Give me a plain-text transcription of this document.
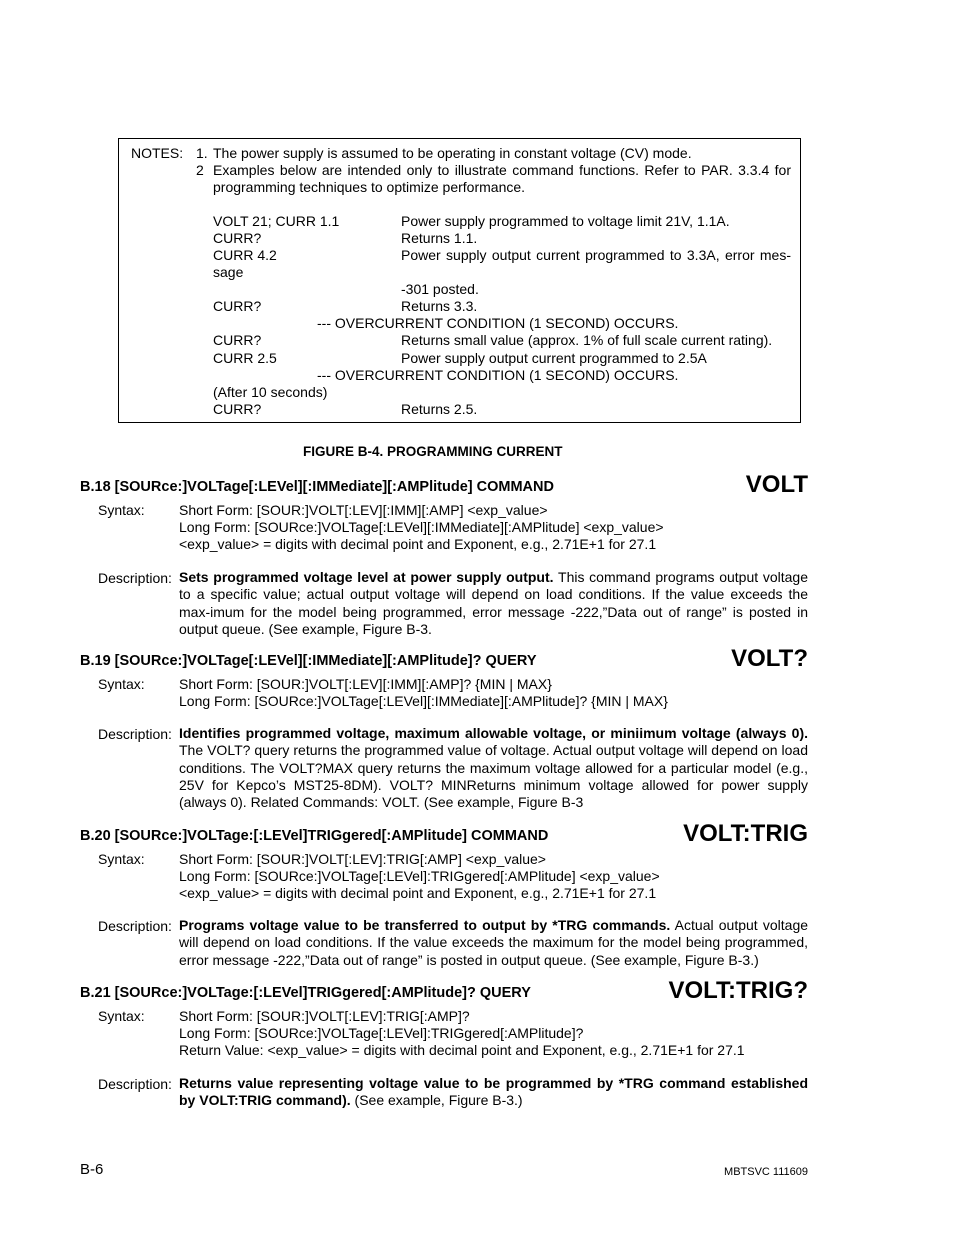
NOTES: 1. The power supply is assumed to be operating in constant voltage (CV) mode.
2 Examples below are intended only to illustrate command functions. Refer to PAR. 3.3.4 for
programming techniques to optimize performance.
VOLT 21; CURR 1.1	Power supply programmed to voltage limit 21V, 1.1A.
CURR?	Returns 1.1.
CURR 4.2	Power supply output current programmed to 3.3A, error mes-
sage
-301 posted.
CURR?	Returns 3.3.
--- OVERCURRENT CONDITION (1 SECOND) OCCURS.
CURR?	Returns small value (approx. 1% of full scale current rating).
CURR 2.5	Power supply output current programmed to 2.5A
--- OVERCURRENT CONDITION (1 SECOND) OCCURS.
(After 10 seconds)
CURR?	Returns 2.5.
FIGURE B-4. PROGRAMMING CURRENT
B.18 [SOURce:]VOLTage[:LEVel][:IMMediate][:AMPlitude] COMMAND	VOLT
Syntax: Short Form: [SOUR:]VOLT[:LEV][:IMM][:AMP] <exp_value>
Long Form: [SOURce:]VOLTage[:LEVel][:IMMediate][:AMPlitude] <exp_value>
<exp_value> = digits with decimal point and Exponent, e.g., 2.71E+1 for 27.1
Description: Sets programmed voltage level at power supply output. This command programs output voltage to a specific value; actual output voltage will depend on load conditions. If the value exceeds the max-imum for the model being programmed, error message -222,”Data out of range” is posted in output queue. (See example, Figure B-3.
B.19 [SOURce:]VOLTage[:LEVel][:IMMediate][:AMPlitude]? QUERY	VOLT?
Syntax: Short Form: [SOUR:]VOLT[:LEV][:IMM][:AMP]? {MIN | MAX}
Long Form: [SOURce:]VOLTage[:LEVel][:IMMediate][:AMPlitude]? {MIN | MAX}
Description: Identifies programmed voltage, maximum allowable voltage, or miniimum voltage (always 0). The VOLT? query returns the programmed value of voltage. Actual output voltage will depend on load conditions. The VOLT?MAX query returns the maximum voltage allowed for a particular model (e.g., 25V for Kepco’s MST25-8DM). VOLT? MINReturns minimum voltage allowed for power supply (always 0). Related Commands: VOLT. (See example, Figure B-3
B.20 [SOURce:]VOLTage:[:LEVel]TRIGgered[:AMPlitude] COMMAND	VOLT:TRIG
Syntax: Short Form: [SOUR:]VOLT[:LEV]:TRIG[:AMP] <exp_value>
Long Form: [SOURce:]VOLTage[:LEVel]:TRIGgered[:AMPlitude] <exp_value>
<exp_value> = digits with decimal point and Exponent, e.g., 2.71E+1 for 27.1
Description: Programs voltage value to be transferred to output by *TRG commands. Actual output voltage will depend on load conditions. If the value exceeds the maximum for the model being programmed, error message -222,”Data out of range” is posted in output queue. (See example, Figure B-3.)
B.21 [SOURce:]VOLTage:[:LEVel]TRIGgered[:AMPlitude]? QUERY	VOLT:TRIG?
Syntax: Short Form: [SOUR:]VOLT[:LEV]:TRIG[:AMP]?
Long Form: [SOURce:]VOLTage[:LEVel]:TRIGgered[:AMPlitude]?
Return Value: <exp_value> = digits with decimal point and Exponent, e.g., 2.71E+1 for 27.1
Description: Returns value representing voltage value to be programmed by *TRG command established by VOLT:TRIG command). (See example, Figure B-3.)
B-6	MBTSVC 111609
